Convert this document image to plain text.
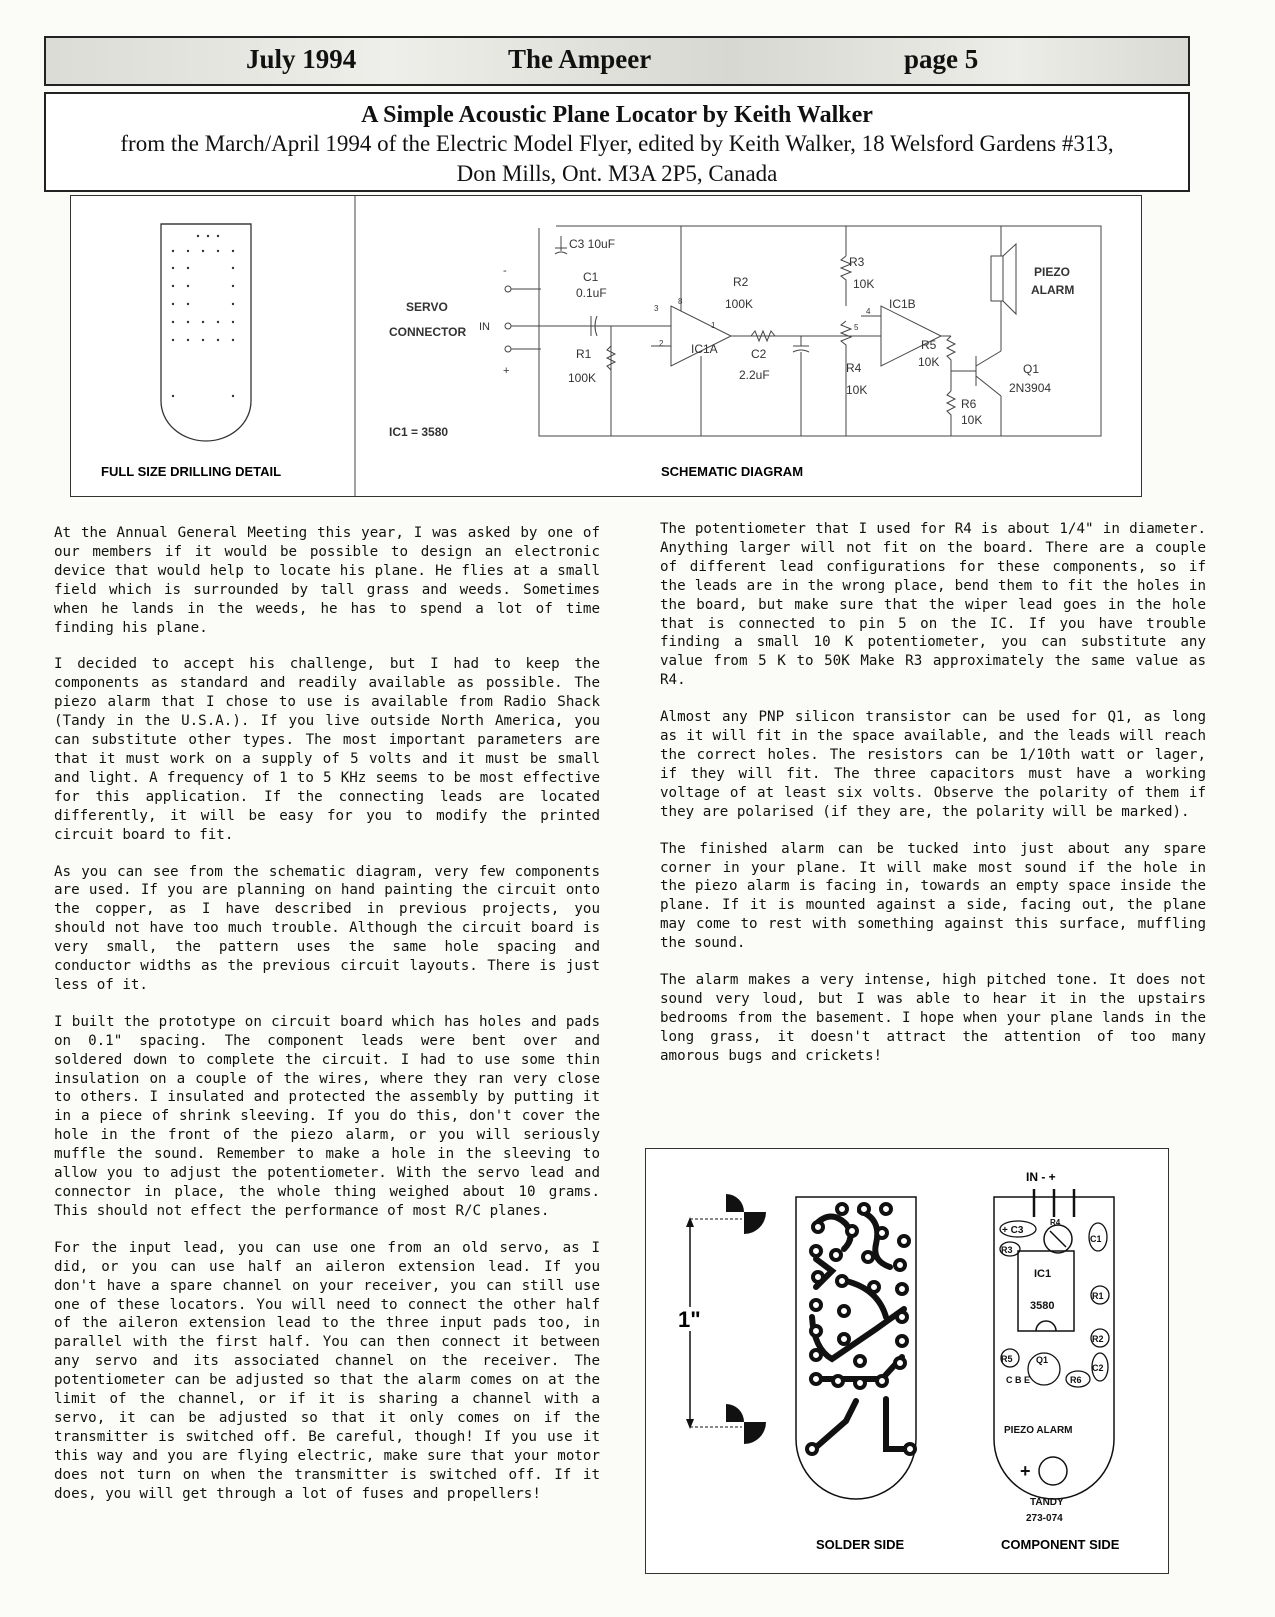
July 1994	The Ampeer	page 5
A Simple Acoustic Plane Locator by Keith Walker
from the March/April 1994 of the Electric Model Flyer, edited by Keith Walker, 18 Welsford Gardens #313,
Don Mills, Ont. M3A 2P5, Canada
FULL SIZE DRILLING DETAIL
SERVO
CONNECTOR IN
IC1 = 3580
C3 10uF
C1
0.1uF
R1
100K
R2
100K
IC1A	C2
2.2uF
R3
10K
R4
10K
IC1B
R5
10K
R6
10K
Q1
2N3904
PIEZO
ALARM
2
3
8
1	5
4
-
+
SCHEMATIC DIAGRAM

At the Annual General Meeting this year, I was asked by one of our members if it would be possible to design an electronic device that would help to locate his plane. He flies at a small field which is surrounded by tall grass and weeds. Sometimes when he lands in the weeds, he has to spend a lot of time finding his plane.

I decided to accept his challenge, but I had to keep the components as standard and readily available as possible. The piezo alarm that I chose to use is available from Radio Shack (Tandy in the U.S.A.). If you live outside North America, you can substitute other types. The most important parameters are that it must work on a supply of 5 volts and it must be small and light. A frequency of 1 to 5 KHz seems to be most effective for this application. If the connecting leads are located differently, it will be easy for you to modify the printed circuit board to fit.

As you can see from the schematic diagram, very few components are used. If you are planning on hand painting the circuit onto the copper, as I have described in previous projects, you should not have too much trouble. Although the circuit board is very small, the pattern uses the same hole spacing and conductor widths as the previous circuit layouts. There is just less of it.

I built the prototype on circuit board which has holes and pads on 0.1" spacing. The component leads were bent over and soldered down to complete the circuit. I had to use some thin insulation on a couple of the wires, where they ran very close to others. I insulated and protected the assembly by putting it in a piece of shrink sleeving. If you do this, don't cover the hole in the front of the piezo alarm, or you will seriously muffle the sound. Remember to make a hole in the sleeving to allow you to adjust the potentiometer. With the servo lead and connector in place, the whole thing weighed about 10 grams. This should not effect the performance of most R/C planes.

For the input lead, you can use one from an old servo, as I did, or you can use half an aileron extension lead. If you don't have a spare channel on your receiver, you can still use one of these locators. You will need to connect the other half of the aileron extension lead to the three input pads too, in parallel with the first half. You can then connect it between any servo and its associated channel on the receiver. The potentiometer can be adjusted so that the alarm comes on at the limit of the channel, or if it is sharing a channel with a servo, it can be adjusted so that it only comes on if the transmitter is switched off. Be careful, though! If you use it this way and you are flying electric, make sure that your motor does not turn on when the transmitter is switched off. If it does, you will get through a lot of fuses and propellers!

The potentiometer that I used for R4 is about 1/4" in diameter. Anything larger will not fit on the board. There are a couple of different lead configurations for these components, so if the leads are in the wrong place, bend them to fit the holes in the board, but make sure that the wiper lead goes in the hole that is connected to pin 5 on the IC. If you have trouble finding a small 10 K potentiometer, you can substitute any value from 5 K to 50K Make R3 approximately the same value as R4.

Almost any PNP silicon transistor can be used for Q1, as long as it will fit in the space available, and the leads will reach the correct holes. The resistors can be 1/10th watt or lager, if they will fit. The three capacitors must have a working voltage of at least six volts. Observe the polarity of them if they are polarised (if they are, the polarity will be marked).

The finished alarm can be tucked into just about any spare corner in your plane. It will make most sound if the hole in the piezo alarm is facing in, towards an empty space inside the plane. If it is mounted against a side, facing out, the plane may come to rest with something against this surface, muffling the sound.

The alarm makes a very intense, high pitched tone. It does not sound very loud, but I was able to hear it in the upstairs bedrooms from the basement. I hope when your plane lands in the long grass, it doesn't attract the attention of too many amorous bugs and crickets!

1"
SOLDER SIDE
IN - +
+ C3
R4
C1
R3
IC1
3580
R1
R2
R5	Q1
C B E	R6
C2
PIEZO ALARM
+
TANDY
273-074
COMPONENT SIDE
